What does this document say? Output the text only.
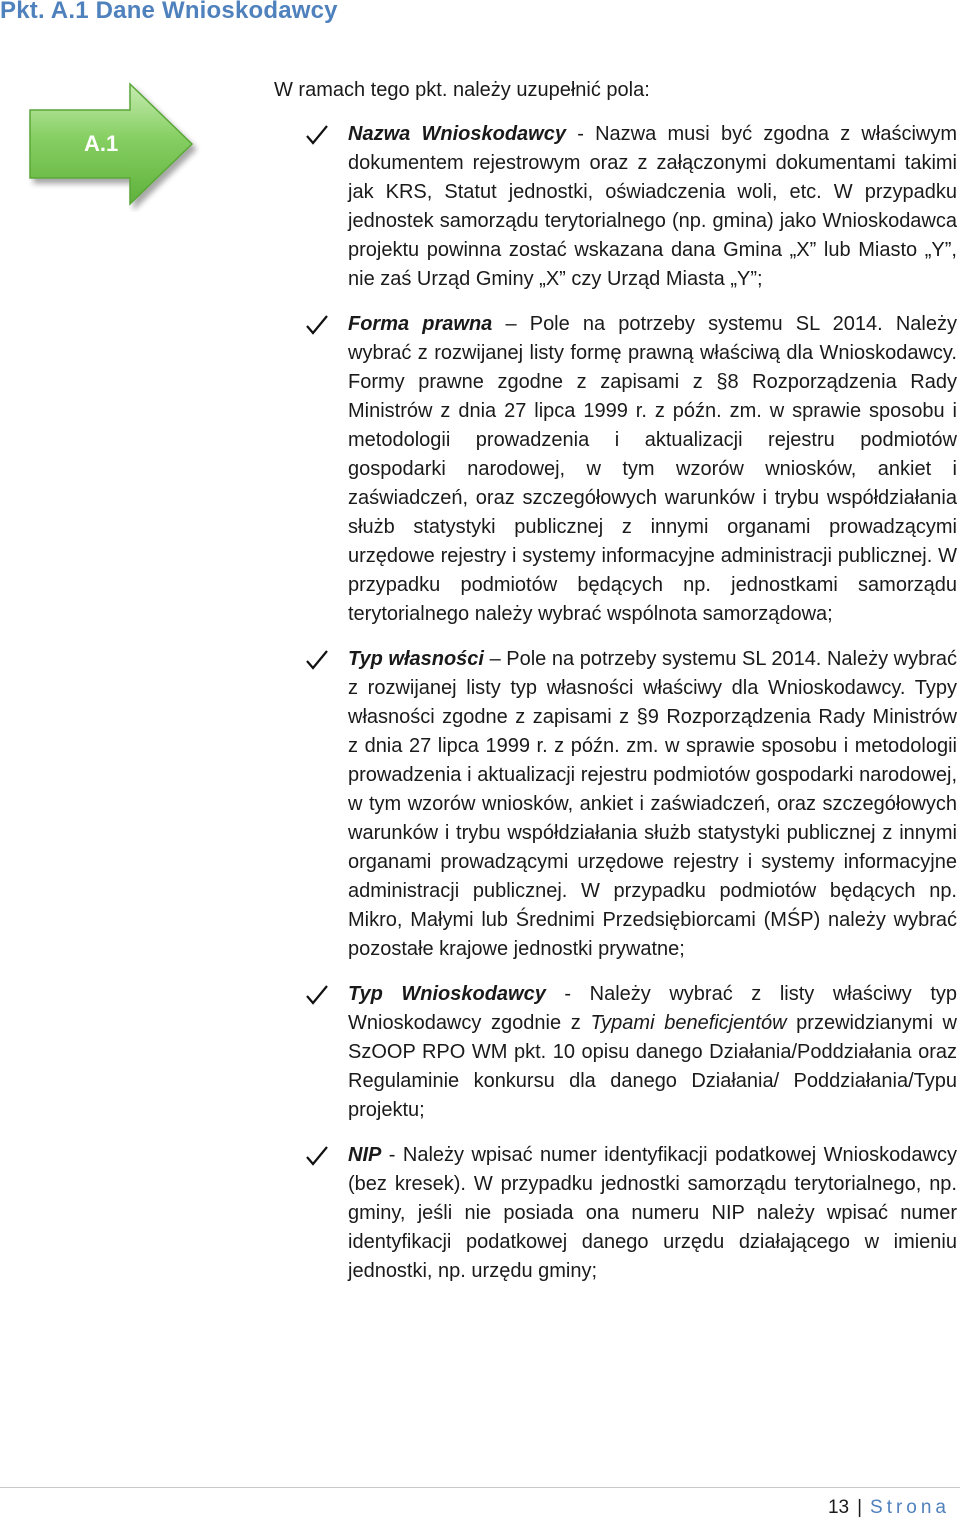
Pkt. A.1 Dane Wnioskodawcy
A.1
W ramach tego pkt. należy uzupełnić pola:
Nazwa Wnioskodawcy - Nazwa musi być zgodna z właściwym dokumentem rejestrowym oraz z załączonymi dokumentami takimi jak KRS, Statut jednostki, oświadczenia woli, etc. W przypadku jednostek samorządu terytorialnego (np. gmina) jako Wnioskodawca projektu powinna zostać wskazana dana Gmina „X” lub Miasto „Y”, nie zaś Urząd Gminy „X” czy Urząd Miasta „Y”;
Forma prawna – Pole na potrzeby systemu SL 2014. Należy wybrać z rozwijanej listy formę prawną właściwą dla Wnioskodawcy. Formy prawne zgodne z zapisami z §8 Rozporządzenia Rady Ministrów z dnia 27 lipca 1999 r. z późn. zm. w sprawie sposobu i metodologii prowadzenia i aktualizacji rejestru podmiotów gospodarki narodowej, w tym wzorów wniosków, ankiet i zaświadczeń, oraz szczegółowych warunków i trybu współdziałania służb statystyki publicznej z innymi organami prowadzącymi urzędowe rejestry i systemy informacyjne administracji publicznej. W przypadku podmiotów będących np. jednostkami samorządu terytorialnego należy wybrać wspólnota samorządowa;
Typ własności – Pole na potrzeby systemu SL 2014. Należy wybrać z rozwijanej listy typ własności właściwy dla Wnioskodawcy. Typy własności zgodne z zapisami z §9 Rozporządzenia Rady Ministrów z dnia 27 lipca 1999 r. z późn. zm. w sprawie sposobu i metodologii prowadzenia i aktualizacji rejestru podmiotów gospodarki narodowej, w tym wzorów wniosków, ankiet i zaświadczeń, oraz szczegółowych warunków i trybu współdziałania służb statystyki publicznej z innymi organami prowadzącymi urzędowe rejestry i systemy informacyjne administracji publicznej. W przypadku podmiotów będących np. Mikro, Małymi lub Średnimi Przedsiębiorcami (MŚP) należy wybrać pozostałe krajowe jednostki prywatne;
Typ Wnioskodawcy - Należy wybrać z listy właściwy typ Wnioskodawcy zgodnie z Typami beneficjentów przewidzianymi w SzOOP RPO WM pkt. 10 opisu danego Działania/Poddziałania oraz Regulaminie konkursu dla danego Działania/ Poddziałania/Typu projektu;
NIP - Należy wpisać numer identyfikacji podatkowej Wnioskodawcy (bez kresek). W przypadku jednostki samorządu terytorialnego, np. gminy, jeśli nie posiada ona numeru NIP należy wpisać numer identyfikacji podatkowej danego urzędu działającego w imieniu jednostki, np. urzędu gminy;
13 | Strona
